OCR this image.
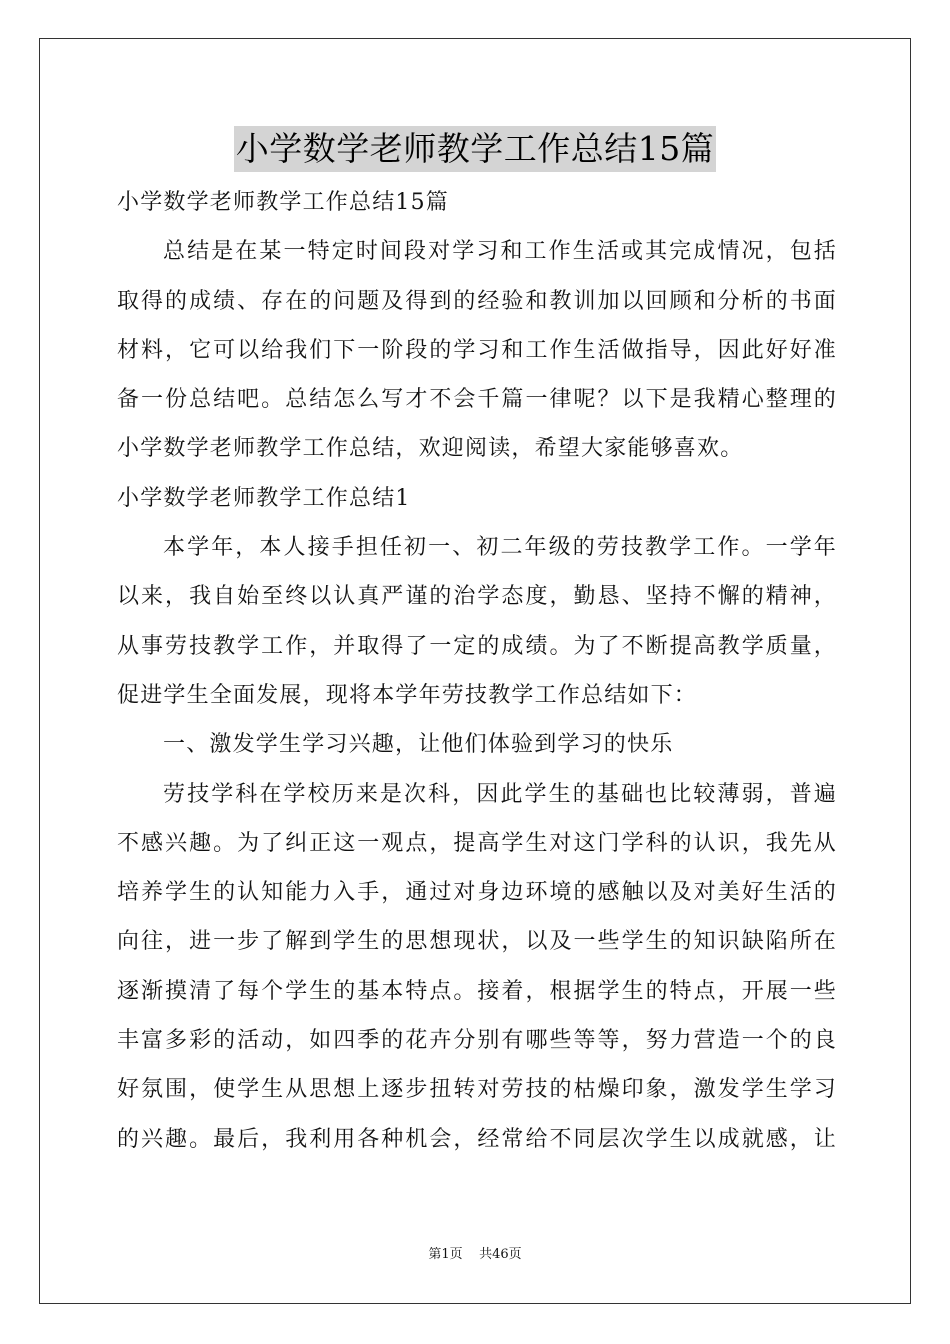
小学数学老师教学工作总结15篇
小学数学老师教学工作总结15篇
总结是在某一特定时间段对学习和工作生活或其完成情况，包括
取得的成绩、存在的问题及得到的经验和教训加以回顾和分析的书面
材料，它可以给我们下一阶段的学习和工作生活做指导，因此好好准
备一份总结吧。总结怎么写才不会千篇一律呢？以下是我精心整理的
小学数学老师教学工作总结，欢迎阅读，希望大家能够喜欢。
小学数学老师教学工作总结1
本学年，本人接手担任初一、初二年级的劳技教学工作。一学年
以来，我自始至终以认真严谨的治学态度，勤恳、坚持不懈的精神，
从事劳技教学工作，并取得了一定的成绩。为了不断提高教学质量，
促进学生全面发展，现将本学年劳技教学工作总结如下：
一、激发学生学习兴趣，让他们体验到学习的快乐
劳技学科在学校历来是次科，因此学生的基础也比较薄弱，普遍
不感兴趣。为了纠正这一观点，提高学生对这门学科的认识，我先从
培养学生的认知能力入手，通过对身边环境的感触以及对美好生活的
向往，进一步了解到学生的思想现状，以及一些学生的知识缺陷所在
逐渐摸清了每个学生的基本特点。接着，根据学生的特点，开展一些
丰富多彩的活动，如四季的花卉分别有哪些等等，努力营造一个的良
好氛围，使学生从思想上逐步扭转对劳技的枯燥印象，激发学生学习
的兴趣。最后，我利用各种机会，经常给不同层次学生以成就感，让
第1页    共46页
